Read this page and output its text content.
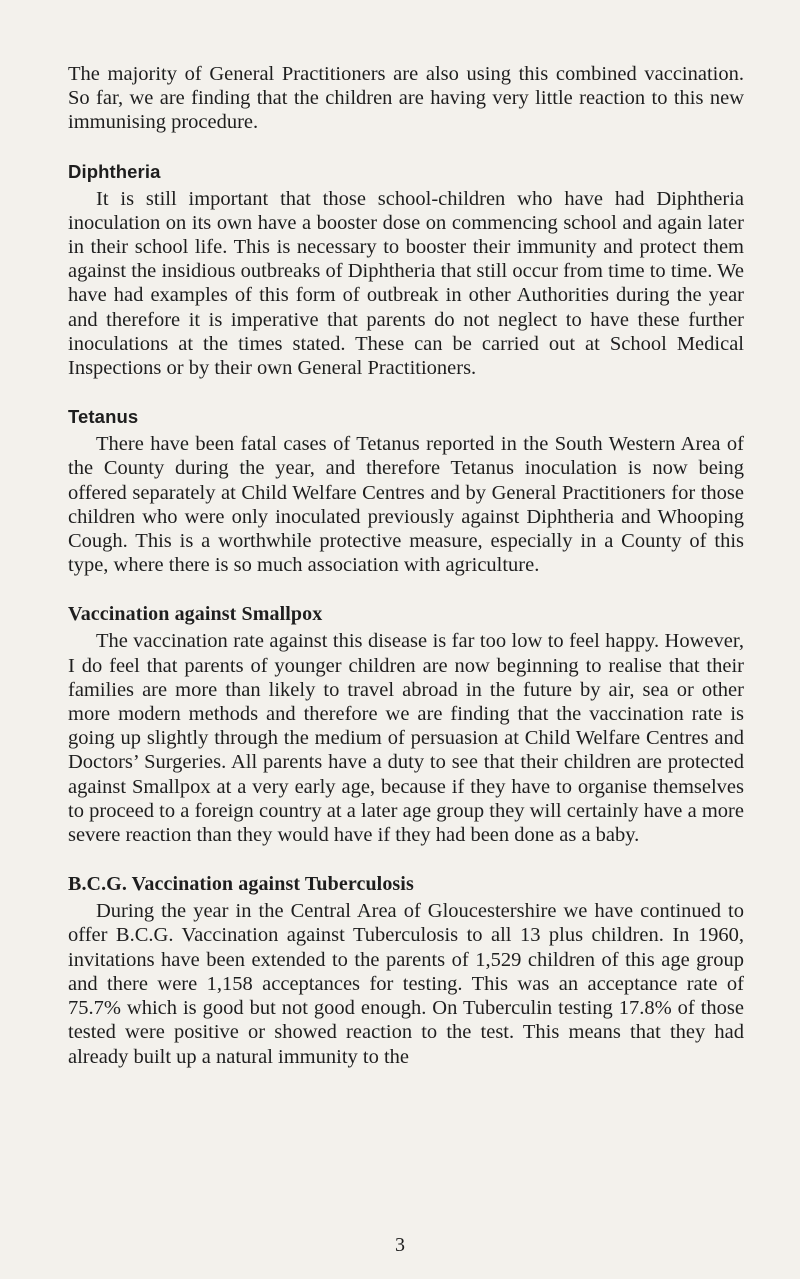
The majority of General Practitioners are also using this combined vaccination. So far, we are finding that the children are having very little reaction to this new immunising procedure.

Diphtheria

It is still important that those school-children who have had Diphtheria inoculation on its own have a booster dose on commencing school and again later in their school life. This is necessary to booster their immunity and protect them against the insidious outbreaks of Diphtheria that still occur from time to time. We have had examples of this form of outbreak in other Authorities during the year and therefore it is imperative that parents do not neglect to have these further inoculations at the times stated. These can be carried out at School Medical Inspections or by their own General Practitioners.

Tetanus

There have been fatal cases of Tetanus reported in the South Western Area of the County during the year, and therefore Tetanus inoculation is now being offered separately at Child Welfare Centres and by General Practitioners for those children who were only inoculated previously against Diphtheria and Whooping Cough. This is a worthwhile protective measure, especially in a County of this type, where there is so much association with agriculture.

Vaccination against Smallpox

The vaccination rate against this disease is far too low to feel happy. However, I do feel that parents of younger children are now beginning to realise that their families are more than likely to travel abroad in the future by air, sea or other more modern methods and therefore we are finding that the vaccination rate is going up slightly through the medium of persuasion at Child Welfare Centres and Doctors’ Surgeries. All parents have a duty to see that their children are protected against Smallpox at a very early age, because if they have to organise themselves to proceed to a foreign country at a later age group they will certainly have a more severe reaction than they would have if they had been done as a baby.

B.C.G. Vaccination against Tuberculosis

During the year in the Central Area of Gloucestershire we have continued to offer B.C.G. Vaccination against Tuberculosis to all 13 plus children. In 1960, invitations have been extended to the parents of 1,529 children of this age group and there were 1,158 acceptances for testing. This was an acceptance rate of 75.7% which is good but not good enough. On Tuberculin testing 17.8% of those tested were positive or showed reaction to the test. This means that they had already built up a natural immunity to the

3
